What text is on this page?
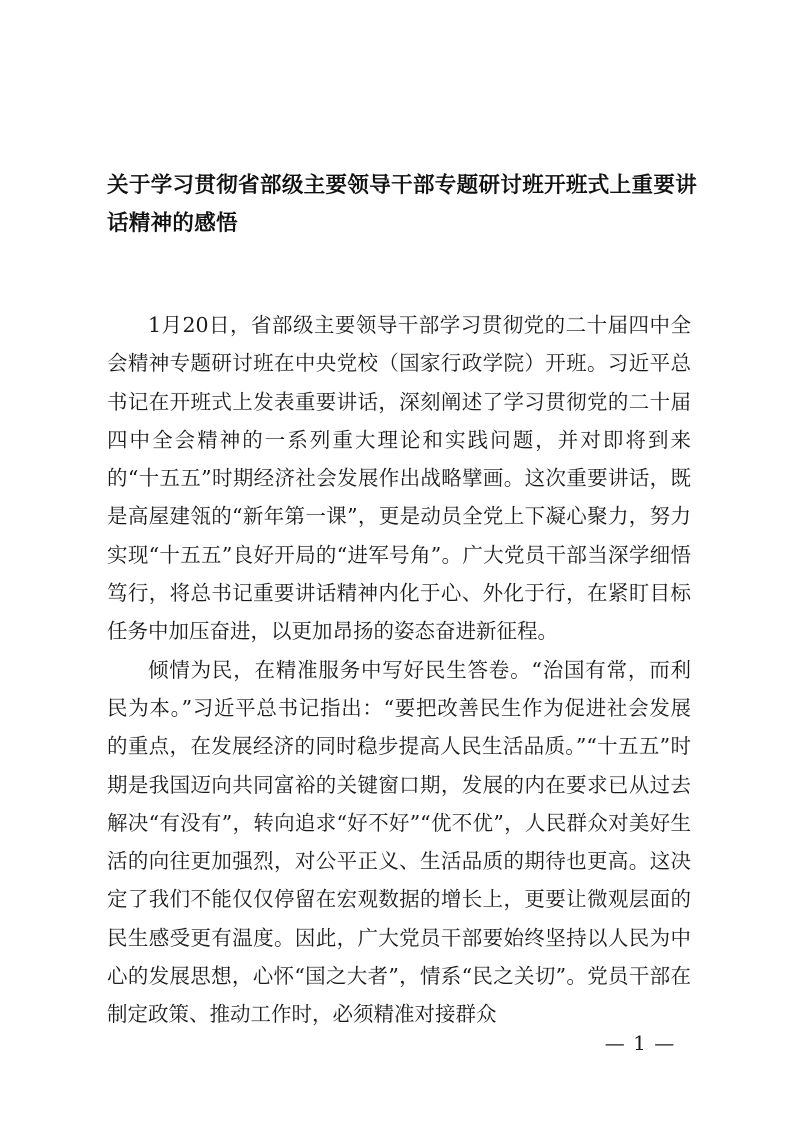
关于学习贯彻省部级主要领导干部专题研讨班开班式上重要讲话精神的感悟

1月20日，省部级主要领导干部学习贯彻党的二十届四中全会精神专题研讨班在中央党校（国家行政学院）开班。习近平总书记在开班式上发表重要讲话，深刻阐述了学习贯彻党的二十届四中全会精神的一系列重大理论和实践问题，并对即将到来的“十五五”时期经济社会发展作出战略擘画。这次重要讲话，既是高屋建瓴的“新年第一课”，更是动员全党上下凝心聚力，努力实现“十五五”良好开局的“进军号角”。广大党员干部当深学细悟笃行，将总书记重要讲话精神内化于心、外化于行，在紧盯目标任务中加压奋进，以更加昂扬的姿态奋进新征程。

倾情为民，在精准服务中写好民生答卷。“治国有常，而利民为本。”习近平总书记指出：“要把改善民生作为促进社会发展的重点，在发展经济的同时稳步提高人民生活品质。”“十五五”时期是我国迈向共同富裕的关键窗口期，发展的内在要求已从过去解决“有没有”，转向追求“好不好”“优不优”，人民群众对美好生活的向往更加强烈，对公平正义、生活品质的期待也更高。这决定了我们不能仅仅停留在宏观数据的增长上，更要让微观层面的民生感受更有温度。因此，广大党员干部要始终坚持以人民为中心的发展思想，心怀“国之大者”，情系“民之关切”。党员干部在制定政策、推动工作时，必须精准对接群众

— 1 —
